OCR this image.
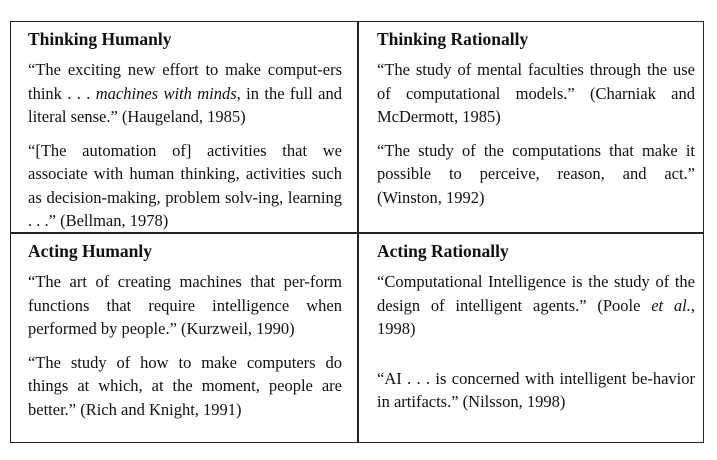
Thinking Humanly

“The exciting new effort to make comput-ers think . . . machines with minds, in the full and literal sense.” (Haugeland, 1985)

“[The automation of] activities that we associate with human thinking, activities such as decision-making, problem solv-ing, learning . . .” (Bellman, 1978)

Thinking Rationally

“The study of mental faculties through the use of computational models.” (Charniak and McDermott, 1985)

“The study of the computations that make it possible to perceive, reason, and act.” (Winston, 1992)

Acting Humanly

“The art of creating machines that per-form functions that require intelligence when performed by people.” (Kurzweil, 1990)

“The study of how to make computers do things at which, at the moment, people are better.” (Rich and Knight, 1991)

Acting Rationally

“Computational Intelligence is the study of the design of intelligent agents.” (Poole et al., 1998)

“AI . . . is concerned with intelligent be-havior in artifacts.” (Nilsson, 1998)
